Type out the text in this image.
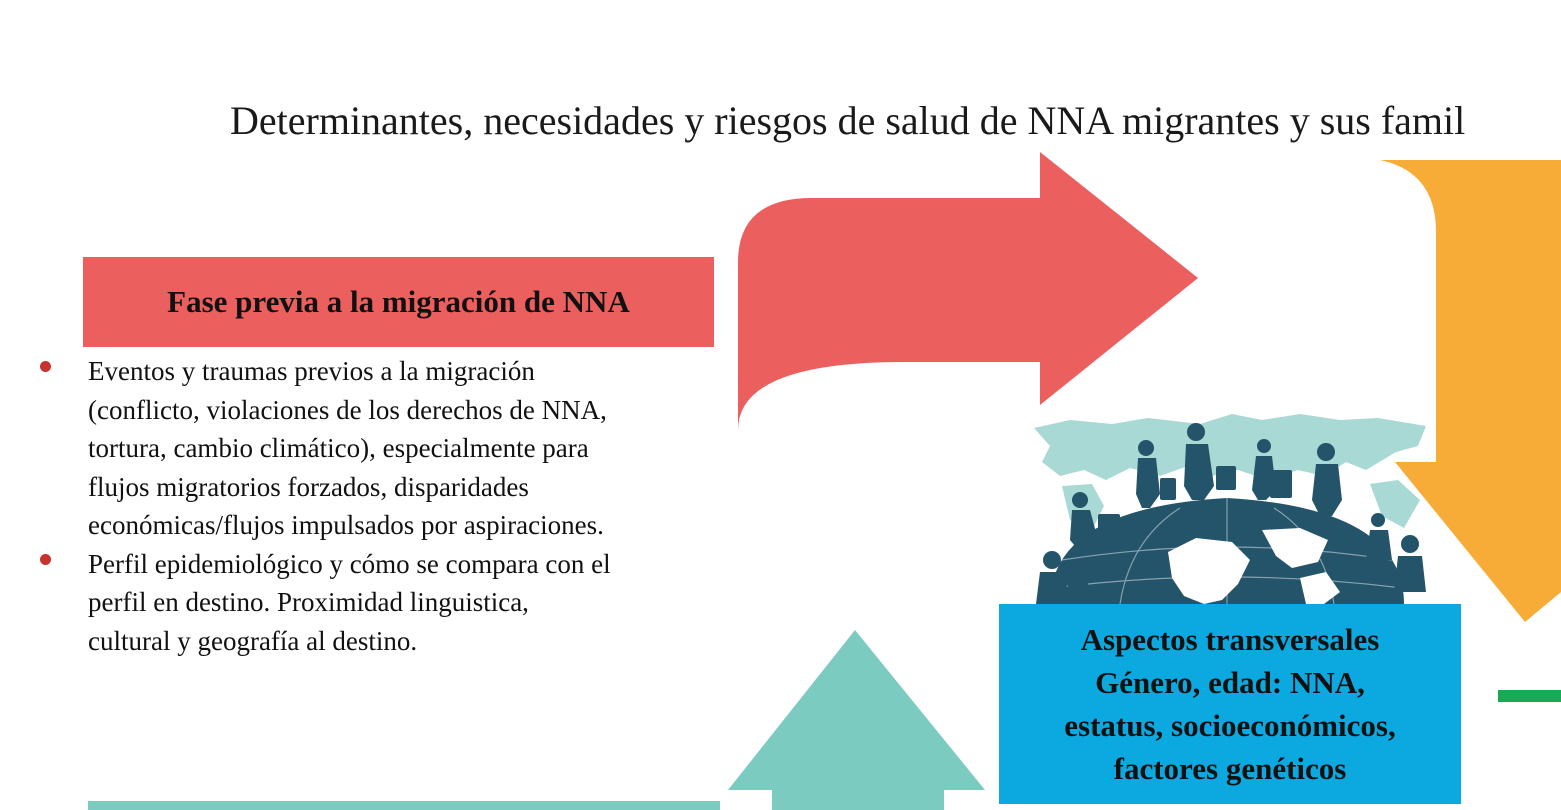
Determinantes, necesidades y riesgos de salud de NNA migrantes y sus famil
Fase previa a la migración de NNA
Eventos y traumas previos a la migración
(conflicto, violaciones de los derechos de NNA,
tortura, cambio climático), especialmente para
flujos migratorios forzados, disparidades
económicas/flujos impulsados por aspiraciones.
Perfil epidemiológico y cómo se compara con el
perfil en destino. Proximidad linguistica,
cultural y geografía al destino.	Aspectos transversales
Género, edad: NNA,
estatus, socioeconómicos,
factores genéticos
